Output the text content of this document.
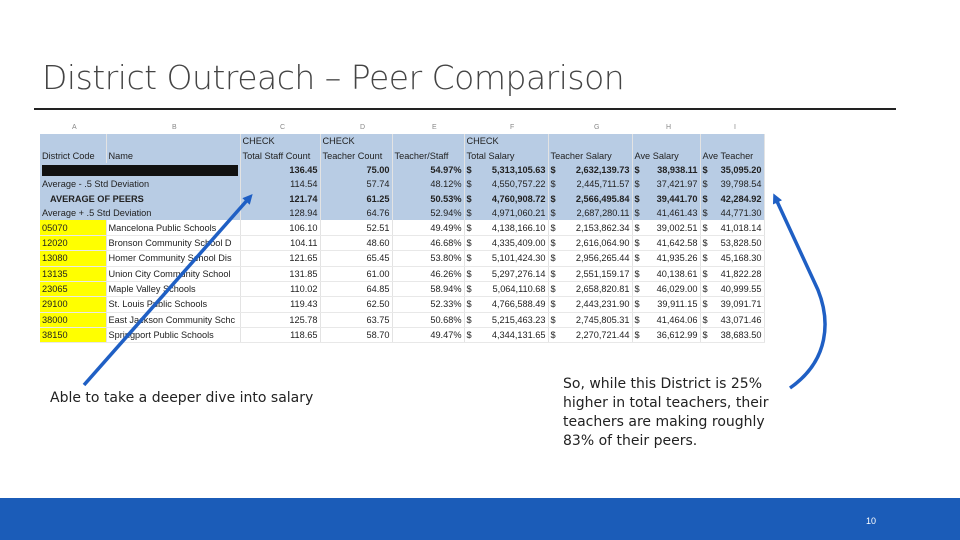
District Outreach – Peer Comparison
A	B	C	D	E	F	G	H	I
		CHECK	CHECK		CHECK			
District Code	Name	Total Staff Count	Teacher Count	Teacher/Staff	Total Salary	Teacher Salary	Ave Salary	Ave Teacher
		136.45	75.00	54.97%	$ 5,313,105.63	$ 2,632,139.73	$ 38,938.11	$ 35,095.20
Average - .5 Std Deviation		114.54	57.74	48.12%	$ 4,550,757.22	$ 2,445,711.57	$ 37,421.97	$ 39,798.54
AVERAGE OF PEERS		121.74	61.25	50.53%	$ 4,760,908.72	$ 2,566,495.84	$ 39,441.70	$ 42,284.92
Average + .5 Std Deviation		128.94	64.76	52.94%	$ 4,971,060.21	$ 2,687,280.11	$ 41,461.43	$ 44,771.30
05070	Mancelona Public Schools	106.10	52.51	49.49%	$ 4,138,166.10	$ 2,153,862.34	$ 39,002.51	$ 41,018.14
12020	Bronson Community School D	104.11	48.60	46.68%	$ 4,335,409.00	$ 2,616,064.90	$ 41,642.58	$ 53,828.50
13080	Homer Community School Dis	121.65	65.45	53.80%	$ 5,101,424.30	$ 2,956,265.44	$ 41,935.26	$ 45,168.30
13135	Union City Community School	131.85	61.00	46.26%	$ 5,297,276.14	$ 2,551,159.17	$ 40,138.61	$ 41,822.28
23065	Maple Valley Schools	110.02	64.85	58.94%	$ 5,064,110.68	$ 2,658,820.81	$ 46,029.00	$ 40,999.55
29100	St. Louis Public Schools	119.43	62.50	52.33%	$ 4,766,588.49	$ 2,443,231.90	$ 39,911.15	$ 39,091.71
38000	East Jackson Community Schc	125.78	63.75	50.68%	$ 5,215,463.23	$ 2,745,805.31	$ 41,464.06	$ 43,071.46
38150	Springport Public Schools	118.65	58.70	49.47%	$ 4,344,131.65	$ 2,270,721.44	$ 36,612.99	$ 38,683.50
Able to take a deeper dive into salary
So, while this District is 25% higher in total teachers, their teachers are making roughly 83% of their peers.
10
